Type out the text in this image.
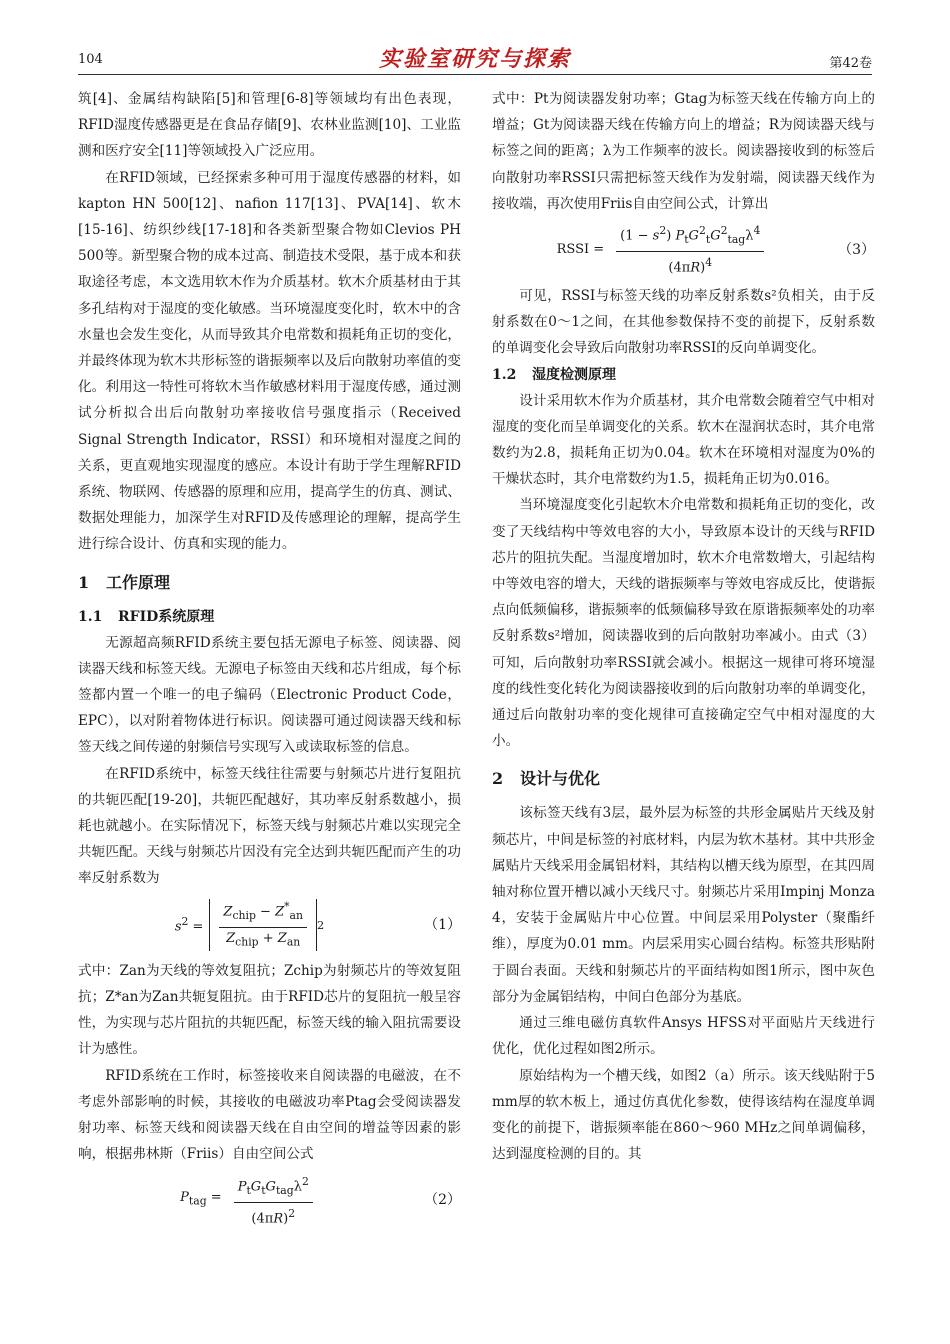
104	实验室研究与探索	第42卷

筑[4]、金属结构缺陷[5]和管理[6-8]等领域均有出色表现，RFID湿度传感器更是在食品存储[9]、农林业监测[10]、工业监测和医疗安全[11]等领域投入广泛应用。

在RFID领域，已经探索多种可用于湿度传感器的材料，如kapton HN 500[12]、nafion 117[13]、PVA[14]、软木[15-16]、纺织纱线[17-18]和各类新型聚合物如Clevios PH 500等。新型聚合物的成本过高、制造技术受限，基于成本和获取途径考虑，本文选用软木作为介质基材。软木介质基材由于其多孔结构对于湿度的变化敏感。当环境湿度变化时，软木中的含水量也会发生变化，从而导致其介电常数和损耗角正切的变化，并最终体现为软木共形标签的谐振频率以及后向散射功率值的变化。利用这一特性可将软木当作敏感材料用于湿度传感，通过测试分析拟合出后向散射功率接收信号强度指示（Received Signal Strength Indicator，RSSI）和环境相对湿度之间的关系，更直观地实现湿度的感应。本设计有助于学生理解RFID系统、物联网、传感器的原理和应用，提高学生的仿真、测试、数据处理能力，加深学生对RFID及传感理论的理解，提高学生进行综合设计、仿真和实现的能力。

1 工作原理
1.1 RFID系统原理

无源超高频RFID系统主要包括无源电子标签、阅读器、阅读器天线和标签天线。无源电子标签由天线和芯片组成，每个标签都内置一个唯一的电子编码（Electronic Product Code，EPC），以对附着物体进行标识。阅读器可通过阅读器天线和标签天线之间传递的射频信号实现写入或读取标签的信息。

在RFID系统中，标签天线往往需要与射频芯片进行复阻抗的共轭匹配[19-20]，共轭匹配越好，其功率反射系数越小，损耗也就越小。在实际情况下，标签天线与射频芯片难以实现完全共轭匹配。天线与射频芯片因没有完全达到共轭匹配而产生的功率反射系数为

$s^2 = \frac{Z_{chip} - Z^*_{an}}{Z_{chip} + Z_{an}} 2$	（1）

式中：Zan为天线的等效复阻抗；Zchip为射频芯片的等效复阻抗；Z*an为Zan共轭复阻抗。由于RFID芯片的复阻抗一般呈容性，为实现与芯片阻抗的共轭匹配，标签天线的输入阻抗需要设计为感性。

RFID系统在工作时，标签接收来自阅读器的电磁波，在不考虑外部影响的时候，其接收的电磁波功率Ptag会受阅读器发射功率、标签天线和阅读器天线在自由空间的增益等因素的影响，根据弗林斯（Friis）自由空间公式

$P_{tag} = \frac{P_tG_tG_{tag}\lambda^2}{(4\pi R)^2}$	（2）

式中：Pt为阅读器发射功率；Gtag为标签天线在传输方向上的增益；Gt为阅读器天线在传输方向上的增益；R为阅读器天线与标签之间的距离；λ为工作频率的波长。阅读器接收到的标签后向散射功率RSSI只需把标签天线作为发射端，阅读器天线作为接收端，再次使用Friis自由空间公式，计算出

RSSI = $\frac{(1 - s^2) P_tG^2_tG^2_{tag}\lambda^4}{(4\pi R)^4}$	（3）

可见，RSSI与标签天线的功率反射系数s²负相关，由于反射系数在0～1之间，在其他参数保持不变的前提下，反射系数的单调变化会导致后向散射功率RSSI的反向单调变化。

1.2 湿度检测原理

设计采用软木作为介质基材，其介电常数会随着空气中相对湿度的变化而呈单调变化的关系。软木在湿润状态时，其介电常数约为2.8，损耗角正切为0.04。软木在环境相对湿度为0%的干燥状态时，其介电常数约为1.5，损耗角正切为0.016。

当环境湿度变化引起软木介电常数和损耗角正切的变化，改变了天线结构中等效电容的大小，导致原本设计的天线与RFID芯片的阻抗失配。当湿度增加时，软木介电常数增大，引起结构中等效电容的增大，天线的谐振频率与等效电容成反比，使谐振点向低频偏移，谐振频率的低频偏移导致在原谐振频率处的功率反射系数s²增加，阅读器收到的后向散射功率减小。由式（3）可知，后向散射功率RSSI就会减小。根据这一规律可将环境湿度的线性变化转化为阅读器接收到的后向散射功率的单调变化，通过后向散射功率的变化规律可直接确定空气中相对湿度的大小。

2 设计与优化

该标签天线有3层，最外层为标签的共形金属贴片天线及射频芯片，中间是标签的衬底材料，内层为软木基材。其中共形金属贴片天线采用金属铝材料，其结构以槽天线为原型，在其四周轴对称位置开槽以减小天线尺寸。射频芯片采用Impinj Monza 4，安装于金属贴片中心位置。中间层采用Polyster（聚酯纤维），厚度为0.01 mm。内层采用实心圆台结构。标签共形贴附于圆台表面。天线和射频芯片的平面结构如图1所示，图中灰色部分为金属铝结构，中间白色部分为基底。

通过三维电磁仿真软件Ansys HFSS对平面贴片天线进行优化，优化过程如图2所示。

原始结构为一个槽天线，如图2（a）所示。该天线贴附于5 mm厚的软木板上，通过仿真优化参数，使得该结构在湿度单调变化的前提下，谐振频率能在860～960 MHz之间单调偏移，达到湿度检测的目的。其
